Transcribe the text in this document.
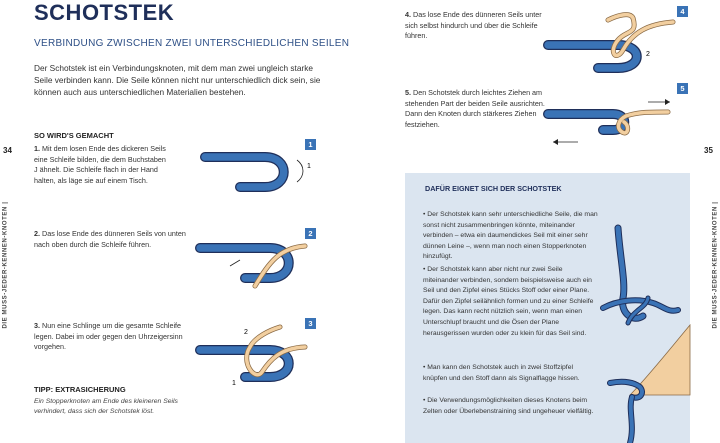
SCHOTSTEK
VERBINDUNG ZWISCHEN ZWEI UNTERSCHIEDLICHEN SEILEN
Der Schotstek ist ein Verbindungsknoten, mit dem man zwei ungleich starke Seile verbinden kann. Die Seile können nicht nur unterschiedlich dick sein, sie können auch aus unterschiedlichen Materialien bestehen.
SO WIRD'S GEMACHT
34	35
DIE MUSS-JEDER-KENNEN-KNOTEN |	DIE MUSS-JEDER-KENNEN-KNOTEN |
1. Mit dem losen Ende des dickeren Seils eine Schleife bilden, die dem Buchstaben J ähnelt. Die Schleife flach in der Hand halten, als läge sie auf einem Tisch.
1
1
2. Das lose Ende des dünneren Seils von unten nach oben durch die Schleife führen.
2
3. Nun eine Schlinge um die gesamte Schleife legen. Dabei im oder gegen den Uhrzeigersinn vorgehen.
3
2
1
TIPP: EXTRASICHERUNG
Ein Stopperknoten am Ende des kleineren Seils verhindert, dass sich der Schotstek löst.
4. Das lose Ende des dünneren Seils unter sich selbst hindurch und über die Schleife führen.
4
2
5. Den Schotstek durch leichtes Ziehen am stehenden Part der beiden Seile ausrichten. Dann den Knoten durch stärkeres Ziehen festziehen.
5
DAFÜR EIGNET SICH DER SCHOTSTEK
• Der Schotstek kann sehr unterschiedliche Seile, die man sonst nicht zusammenbringen könnte, miteinander verbinden – etwa ein daumendickes Seil mit einer sehr dünnen Leine –, wenn man noch einen Stopperknoten hinzufügt.
• Der Schotstek kann aber nicht nur zwei Seile miteinander verbinden, sondern beispielsweise auch ein Seil und den Zipfel eines Stücks Stoff oder einer Plane. Dafür den Zipfel seilähnlich formen und zu einer Schleife legen. Das kann recht nützlich sein, wenn man einen Unterschlupf braucht und die Ösen der Plane herausgerissen wurden oder zu klein für das Seil sind.
• Man kann den Schotstek auch in zwei Stoffzipfel knüpfen und den Stoff dann als Signalflagge hissen.
• Die Verwendungsmöglichkeiten dieses Knotens beim Zelten oder Überlebenstraining sind ungeheuer vielfältig.
